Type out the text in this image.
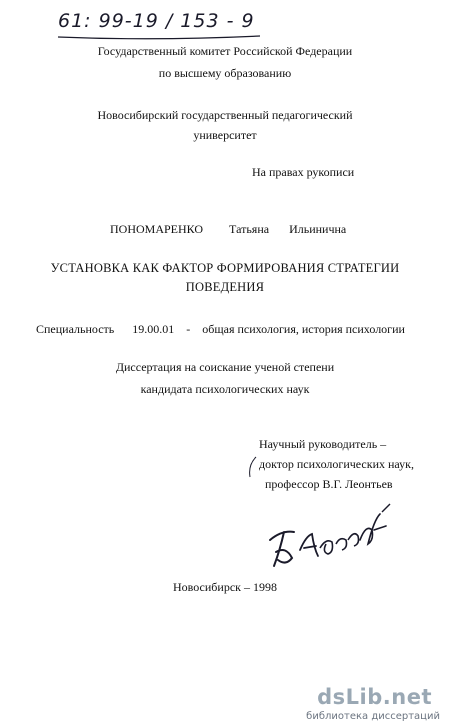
61: 99-19 / 153 - 9
Государственный комитет Российской Федерации
по высшему образованию
Новосибирский государственный педагогический
университет
На правах рукописи
ПОНОМАРЕНКО Татьяна Ильинична
УСТАНОВКА КАК ФАКТОР ФОРМИРОВАНИЯ СТРАТЕГИИ
ПОВЕДЕНИЯ
Специальность 19.00.01 - общая психология, история психологии
Диссертация на соискание ученой степени
кандидата психологических наук
Научный руководитель –
доктор психологических наук,
профессор В.Г. Леонтьев
Новосибирск – 1998
dsLib.net
библиотека диссертаций
